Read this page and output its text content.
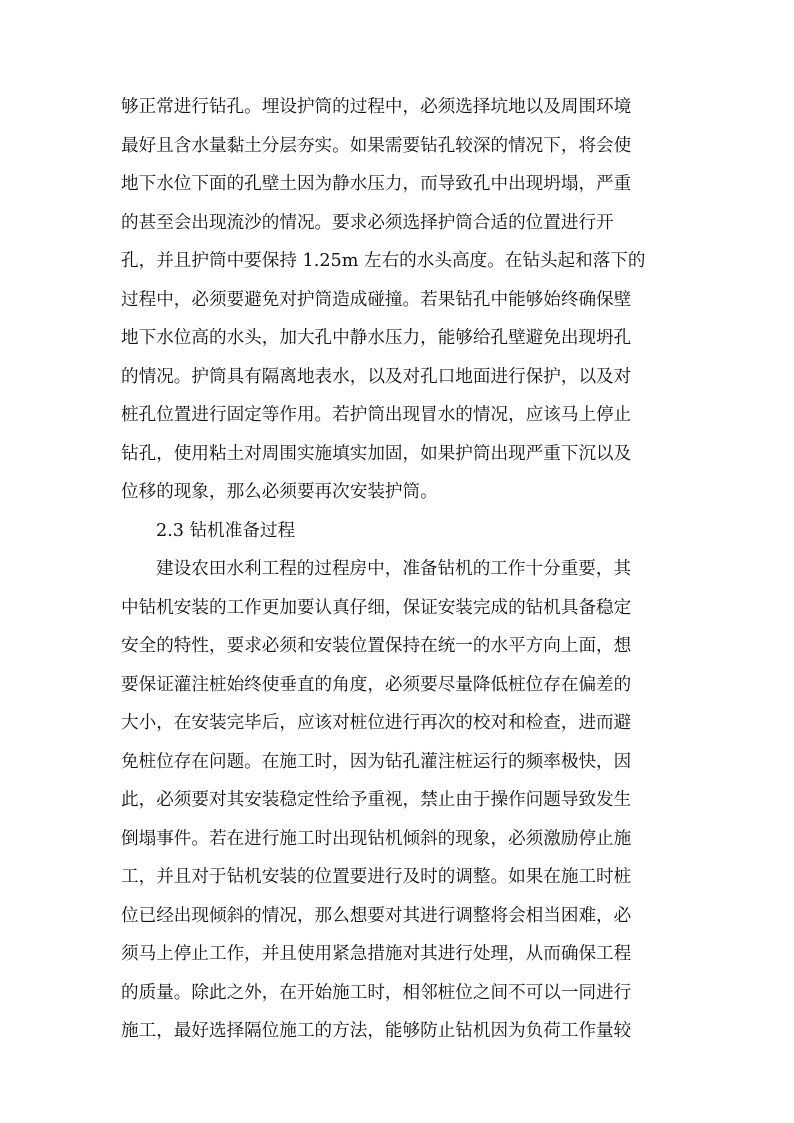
够正常进行钻孔。埋设护筒的过程中，必须选择坑地以及周围环境
最好且含水量黏土分层夯实。如果需要钻孔较深的情况下，将会使
地下水位下面的孔壁土因为静水压力，而导致孔中出现坍塌，严重
的甚至会出现流沙的情况。要求必须选择护筒合适的位置进行开
孔，并且护筒中要保持 1.25m 左右的水头高度。在钻头起和落下的
过程中，必须要避免对护筒造成碰撞。若果钻孔中能够始终确保壁
地下水位高的水头，加大孔中静水压力，能够给孔壁避免出现坍孔
的情况。护筒具有隔离地表水，以及对孔口地面进行保护，以及对
桩孔位置进行固定等作用。若护筒出现冒水的情况，应该马上停止
钻孔，使用粘土对周围实施填实加固，如果护筒出现严重下沉以及
位移的现象，那么必须要再次安装护筒。
2.3 钻机准备过程
建设农田水利工程的过程房中，准备钻机的工作十分重要，其
中钻机安装的工作更加要认真仔细，保证安装完成的钻机具备稳定
安全的特性，要求必须和安装位置保持在统一的水平方向上面，想
要保证灌注桩始终使垂直的角度，必须要尽量降低桩位存在偏差的
大小，在安装完毕后，应该对桩位进行再次的校对和检查，进而避
免桩位存在问题。在施工时，因为钻孔灌注桩运行的频率极快，因
此，必须要对其安装稳定性给予重视，禁止由于操作问题导致发生
倒塌事件。若在进行施工时出现钻机倾斜的现象，必须激励停止施
工，并且对于钻机安装的位置要进行及时的调整。如果在施工时桩
位已经出现倾斜的情况，那么想要对其进行调整将会相当困难，必
须马上停止工作，并且使用紧急措施对其进行处理，从而确保工程
的质量。除此之外，在开始施工时，相邻桩位之间不可以一同进行
施工，最好选择隔位施工的方法，能够防止钻机因为负荷工作量较
